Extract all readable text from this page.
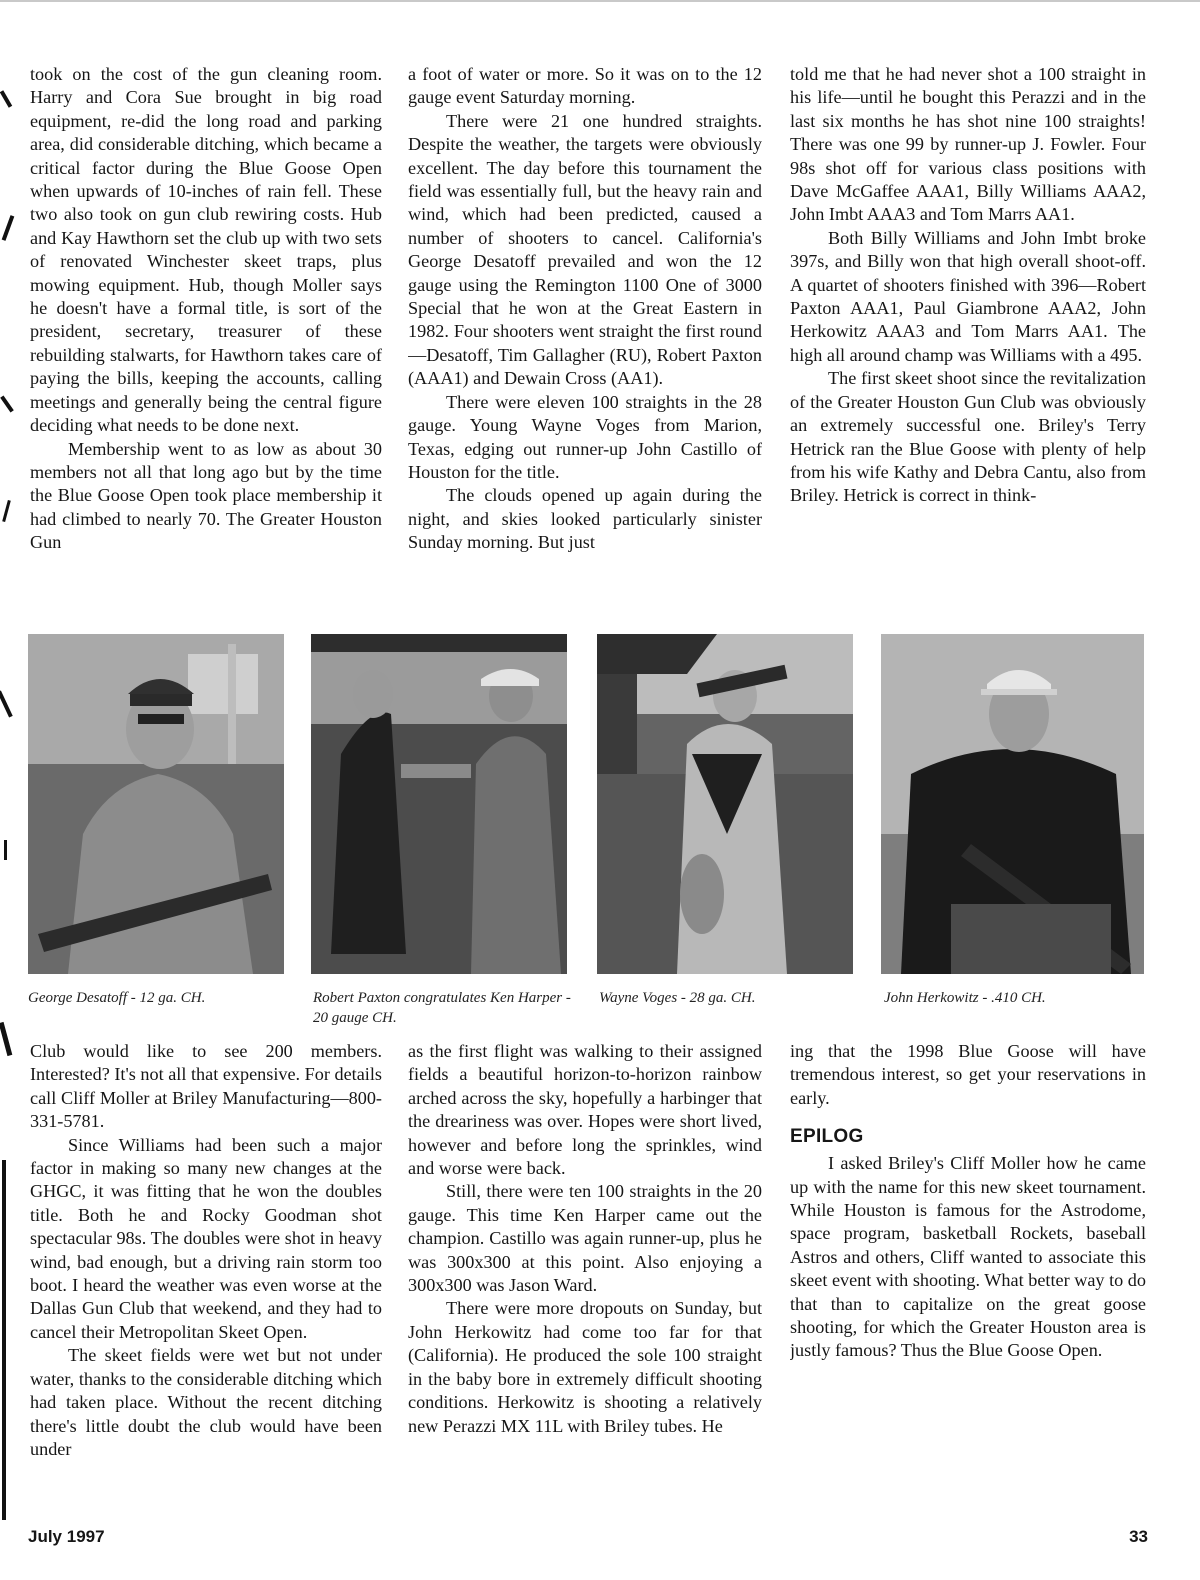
took on the cost of the gun cleaning room. Harry and Cora Sue brought in big road equipment, re-did the long road and parking area, did considerable ditching, which became a critical factor during the Blue Goose Open when upwards of 10-inches of rain fell. These two also took on gun club rewiring costs. Hub and Kay Hawthorn set the club up with two sets of renovated Winchester skeet traps, plus mowing equipment. Hub, though Moller says he doesn't have a formal title, is sort of the president, secretary, treasurer of these rebuilding stalwarts, for Hawthorn takes care of paying the bills, keeping the accounts, calling meetings and generally being the central figure deciding what needs to be done next.

Membership went to as low as about 30 members not all that long ago but by the time the Blue Goose Open took place membership it had climbed to nearly 70. The Greater Houston Gun

a foot of water or more. So it was on to the 12 gauge event Saturday morning.

There were 21 one hundred straights. Despite the weather, the targets were obviously excellent. The day before this tournament the field was essentially full, but the heavy rain and wind, which had been predicted, caused a number of shooters to cancel. California's George Desatoff prevailed and won the 12 gauge using the Remington 1100 One of 3000 Special that he won at the Great Eastern in 1982. Four shooters went straight the first round—Desatoff, Tim Gallagher (RU), Robert Paxton (AAA1) and Dewain Cross (AA1).

There were eleven 100 straights in the 28 gauge. Young Wayne Voges from Marion, Texas, edging out runner-up John Castillo of Houston for the title.

The clouds opened up again during the night, and skies looked particularly sinister Sunday morning. But just

told me that he had never shot a 100 straight in his life—until he bought this Perazzi and in the last six months he has shot nine 100 straights! There was one 99 by runner-up J. Fowler. Four 98s shot off for various class positions with Dave McGaffee AAA1, Billy Williams AAA2, John Imbt AAA3 and Tom Marrs AA1.

Both Billy Williams and John Imbt broke 397s, and Billy won that high overall shoot-off. A quartet of shooters finished with 396—Robert Paxton AAA1, Paul Giambrone AAA2, John Herkowitz AAA3 and Tom Marrs AA1. The high all around champ was Williams with a 495.

The first skeet shoot since the revitalization of the Greater Houston Gun Club was obviously an extremely successful one. Briley's Terry Hetrick ran the Blue Goose with plenty of help from his wife Kathy and Debra Cantu, also from Briley. Hetrick is correct in think-

George Desatoff - 12 ga. CH.	Robert Paxton congratulates Ken Harper - 20 gauge CH.
Wayne Voges - 28 ga. CH.	John Herkowitz - .410 CH.

Club would like to see 200 members. Interested? It's not all that expensive. For details call Cliff Moller at Briley Manufacturing—800-331-5781.

Since Williams had been such a major factor in making so many new changes at the GHGC, it was fitting that he won the doubles title. Both he and Rocky Goodman shot spectacular 98s. The doubles were shot in heavy wind, bad enough, but a driving rain storm too boot. I heard the weather was even worse at the Dallas Gun Club that weekend, and they had to cancel their Metropolitan Skeet Open.

The skeet fields were wet but not under water, thanks to the considerable ditching which had taken place. Without the recent ditching there's little doubt the club would have been under

as the first flight was walking to their assigned fields a beautiful horizon-to-horizon rainbow arched across the sky, hopefully a harbinger that the dreariness was over. Hopes were short lived, however and before long the sprinkles, wind and worse were back.

Still, there were ten 100 straights in the 20 gauge. This time Ken Harper came out the champion. Castillo was again runner-up, plus he was 300x300 at this point. Also enjoying a 300x300 was Jason Ward.

There were more dropouts on Sunday, but John Herkowitz had come too far for that (California). He produced the sole 100 straight in the baby bore in extremely difficult shooting conditions. Herkowitz is shooting a relatively new Perazzi MX 11L with Briley tubes. He

ing that the 1998 Blue Goose will have tremendous interest, so get your reservations in early.

EPILOG

I asked Briley's Cliff Moller how he came up with the name for this new skeet tournament. While Houston is famous for the Astrodome, space program, basketball Rockets, baseball Astros and others, Cliff wanted to associate this skeet event with shooting. What better way to do that than to capitalize on the great goose shooting, for which the Greater Houston area is justly famous? Thus the Blue Goose Open.

July 1997	33
